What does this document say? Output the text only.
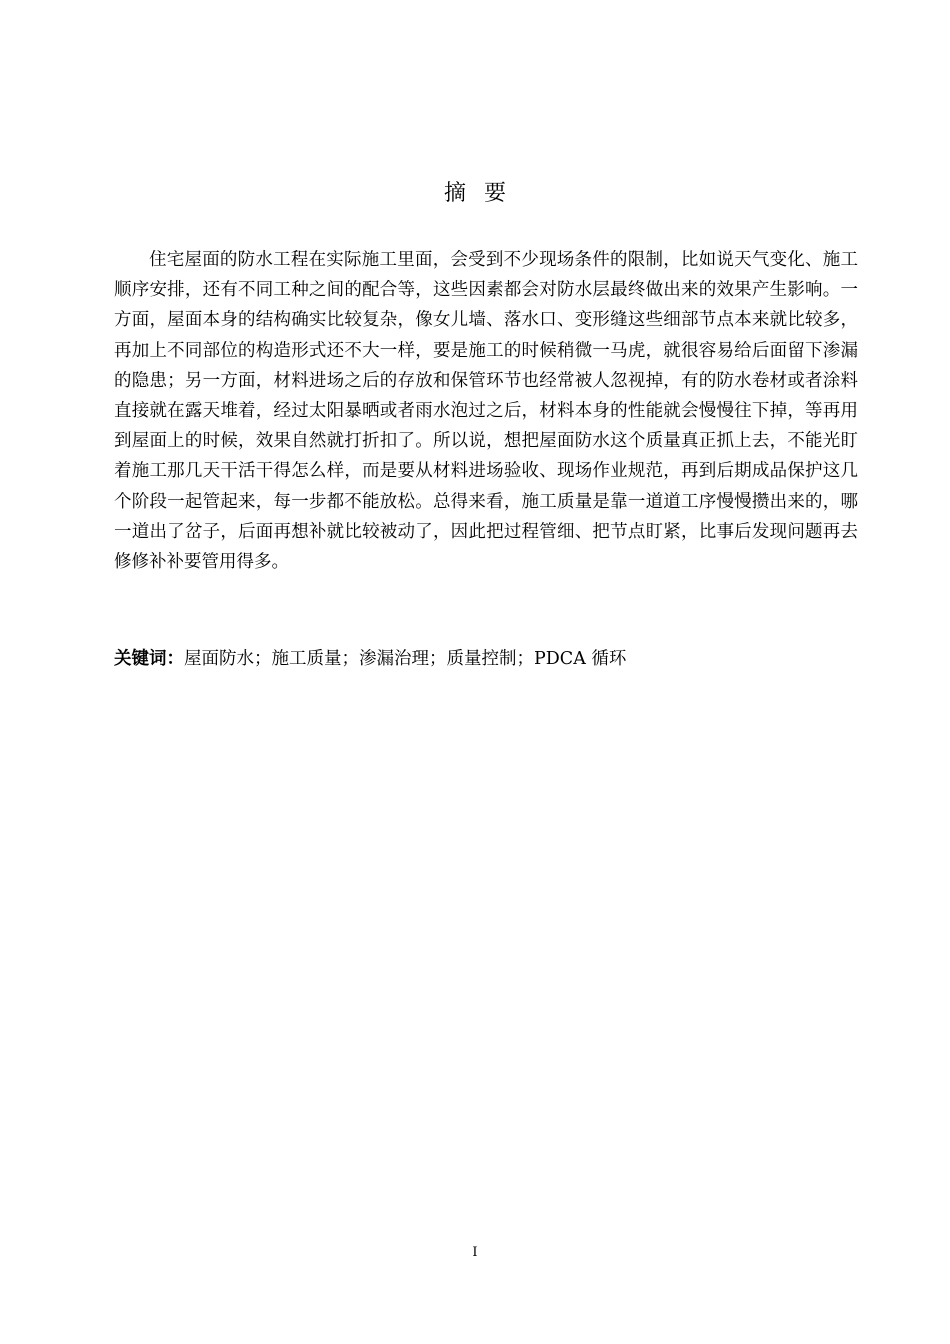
摘要

住宅屋面的防水工程在实际施工里面，会受到不少现场条件的限制，比如说天气变化、施工顺序安排，还有不同工种之间的配合等，这些因素都会对防水层最终做出来的效果产生影响。一方面，屋面本身的结构确实比较复杂，像女儿墙、落水口、变形缝这些细部节点本来就比较多，再加上不同部位的构造形式还不大一样，要是施工的时候稍微一马虎，就很容易给后面留下渗漏的隐患；另一方面，材料进场之后的存放和保管环节也经常被人忽视掉，有的防水卷材或者涂料直接就在露天堆着，经过太阳暴晒或者雨水泡过之后，材料本身的性能就会慢慢往下掉，等再用到屋面上的时候，效果自然就打折扣了。所以说，想把屋面防水这个质量真正抓上去，不能光盯着施工那几天干活干得怎么样，而是要从材料进场验收、现场作业规范，再到后期成品保护这几个阶段一起管起来，每一步都不能放松。总得来看，施工质量是靠一道道工序慢慢攒出来的，哪一道出了岔子，后面再想补就比较被动了，因此把过程管细、把节点盯紧，比事后发现问题再去修修补补要管用得多。

关键词：屋面防水；施工质量；渗漏治理；质量控制；PDCA 循环

I
